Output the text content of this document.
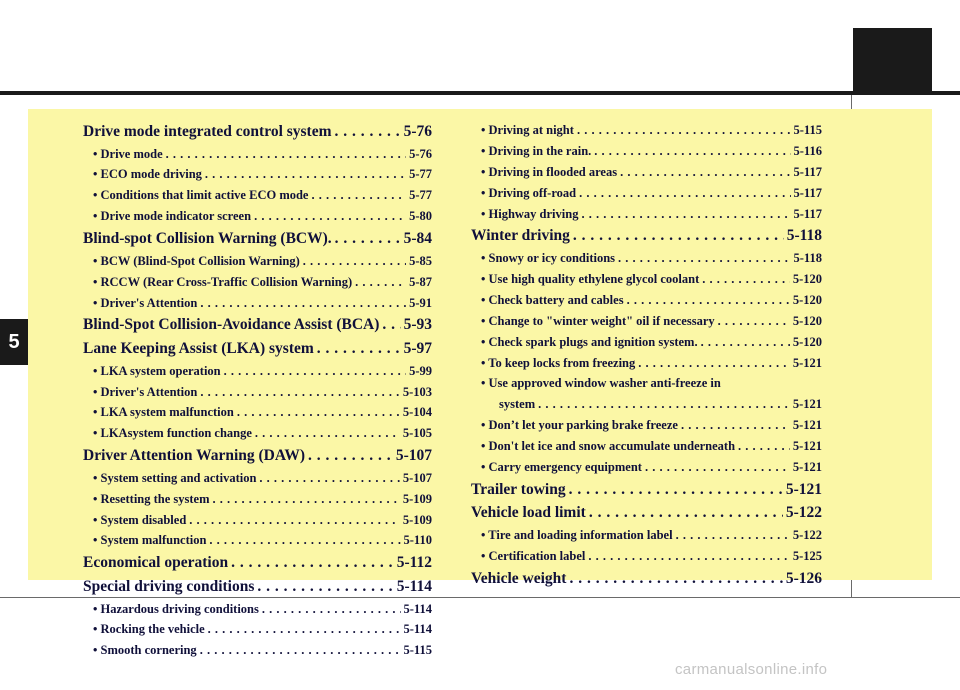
5
Drive mode integrated control system . . .	5-76
• Drive mode . . .	5-76
• ECO mode driving . . .	5-77
• Conditions that limit active ECO mode . . .	5-77
• Drive mode indicator screen . . .	5-80
Blind-spot Collision Warning (BCW). . . .	5-84
• BCW (Blind-Spot Collision Warning) . . .	5-85
• RCCW (Rear Cross-Traffic Collision Warning) . . .	5-87
• Driver's Attention . . .	5-91
Blind-Spot Collision-Avoidance Assist (BCA) . . . 5-93
Lane Keeping Assist (LKA) system . . .	5-97
• LKA system operation . . .	5-99
• Driver's Attention . . .	5-103
• LKA system malfunction . . .	5-104
• LKAsystem function change . . .	5-105
Driver Attention Warning (DAW) . . .	5-107
• System setting and activation . . .	5-107
• Resetting the system . . .	5-109
• System disabled . . .	5-109
• System malfunction . . .	5-110
Economical operation . . .	5-112
Special driving conditions . . .	5-114
• Hazardous driving conditions . . .	5-114
• Rocking the vehicle . . .	5-114
• Smooth cornering . . .	5-115
• Driving at night . . .	5-115
• Driving in the rain. . . .	5-116
• Driving in flooded areas . . .	5-117
• Driving off-road . . .	5-117
• Highway driving . . .	5-117
Winter driving . . .	5-118
• Snowy or icy conditions . . .	5-118
• Use high quality ethylene glycol coolant . . .	5-120
• Check battery and cables . . .	5-120
• Change to "winter weight" oil if necessary . . .	5-120
• Check spark plugs and ignition system. . . .	5-120
• To keep locks from freezing . . .	5-121
• Use approved window washer anti-freeze in
system . . .	5-121
• Don’t let your parking brake freeze . . .	5-121
• Don't let ice and snow accumulate underneath . . .	5-121
• Carry emergency equipment . . .	5-121
Trailer towing . . .	5-121
Vehicle load limit . . .	5-122
• Tire and loading information label . . .	5-122
• Certification label . . .	5-125
Vehicle weight . . .	5-126
carmanualsonline.info
